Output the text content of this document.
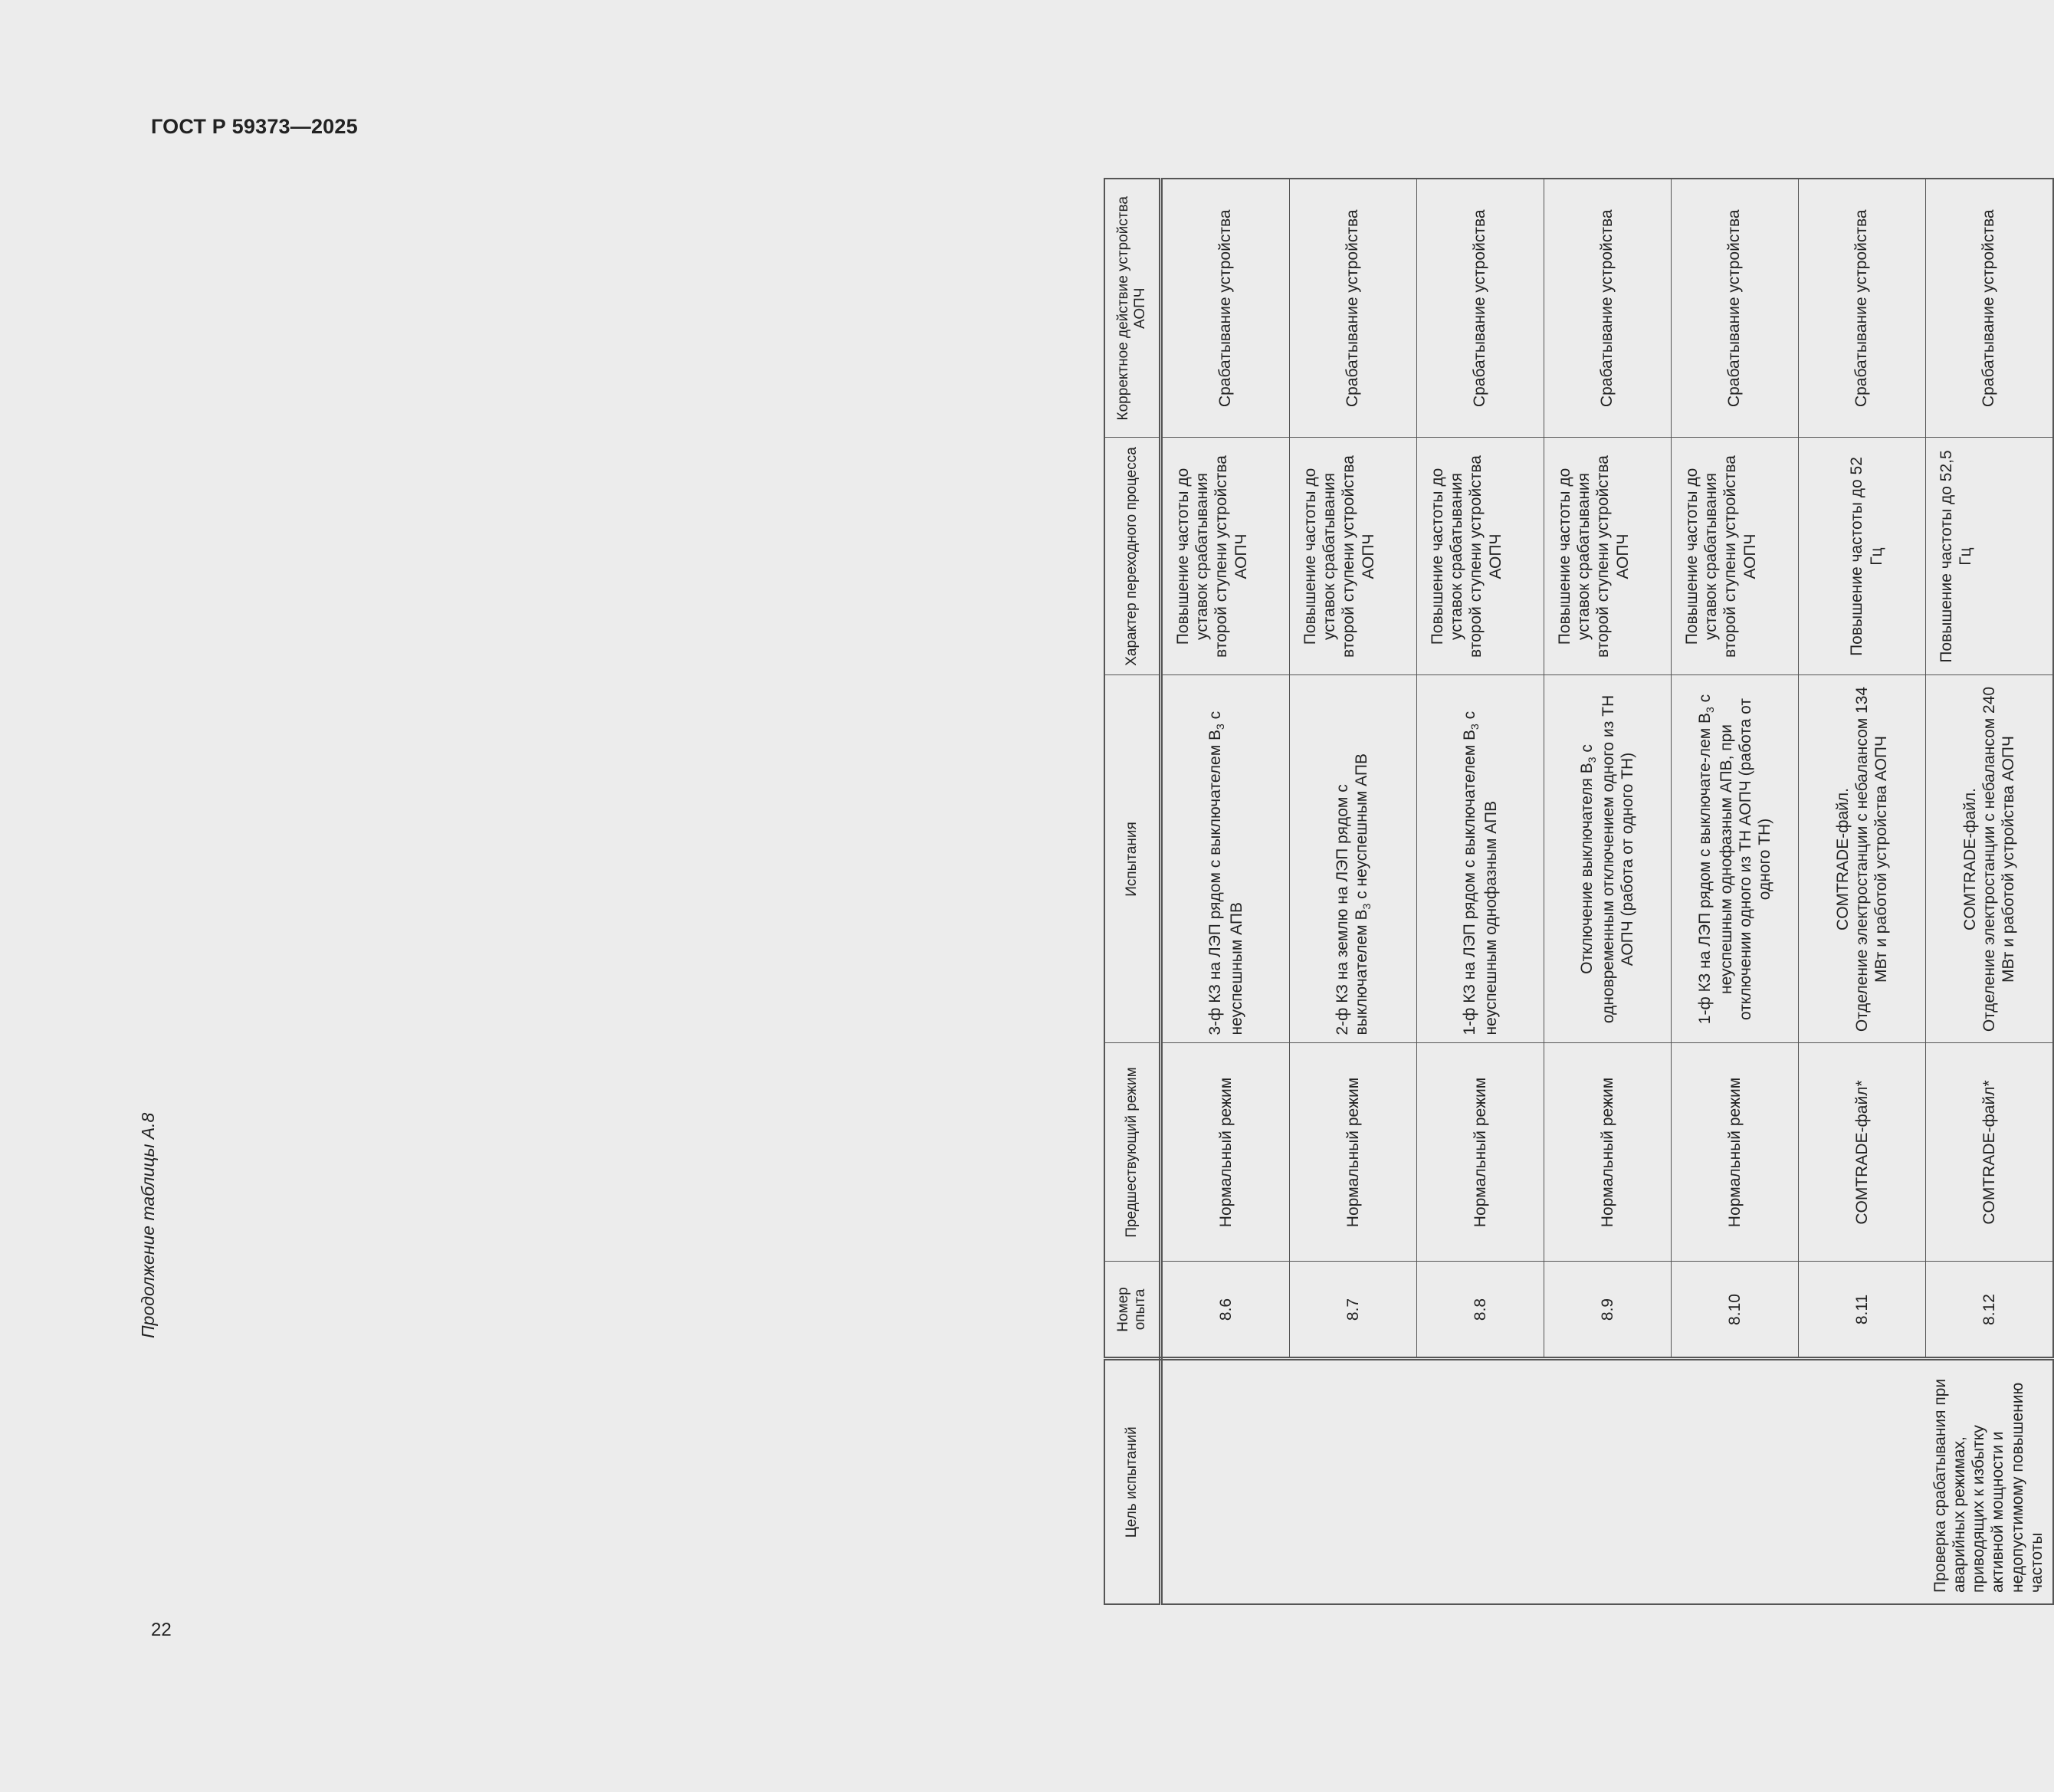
ГОСТ Р 59373—2025
Продолжение таблицы А.8
22
Цель испытаний	Номер опыта	Предшествующий режим	Испытания	Характер переходного процесса	Корректное действие устройства АОПЧ

Проверка срабатывания при аварийных режимах, приводящих к избытку активной мощности и недопустимому повышению частоты	8.6	Нормальный режим	3-ф КЗ на ЛЭП рядом с выключателем $В_3$ с неуспешным АПВ	Повышение частоты до уставок срабатывания второй ступени устройства АОПЧ	Срабатывание устройства

	8.7	Нормальный режим	2-ф КЗ на землю на ЛЭП рядом с выключателем $В_3$ с неуспешным АПВ	Повышение частоты до уставок срабатывания второй ступени устройства АОПЧ	Срабатывание устройства

	8.8	Нормальный режим	1-ф КЗ на ЛЭП рядом с выключателем $В_3$ с неуспешным однофазным АПВ	Повышение частоты до уставок срабатывания второй ступени устройства АОПЧ	Срабатывание устройства

	8.9	Нормальный режим	Отключение выключателя $В_3$ с одновременным отключением одного из ТН АОПЧ (работа от одного ТН)	Повышение частоты до уставок срабатывания второй ступени устройства АОПЧ	Срабатывание устройства

	8.10	Нормальный режим	1-ф КЗ на ЛЭП рядом с выключате-лем $В_3$ с неуспешным однофазным АПВ, при отключении одного из ТН АОПЧ (работа от одного ТН)	Повышение частоты до уставок срабатывания второй ступени устройства АОПЧ	Срабатывание устройства

	8.11	COMTRADE-файл*	COMTRADE-файл. Отделение электростанции с небалансом 134 МВт и работой устройства АОПЧ	Повышение частоты до 52 Гц	Срабатывание устройства

	8.12	COMTRADE-файл*	COMTRADE-файл. Отделение электростанции с небалансом 240 МВт и работой устройства АОПЧ	Повышение частоты до 52,5 Гц	Срабатывание устройства
